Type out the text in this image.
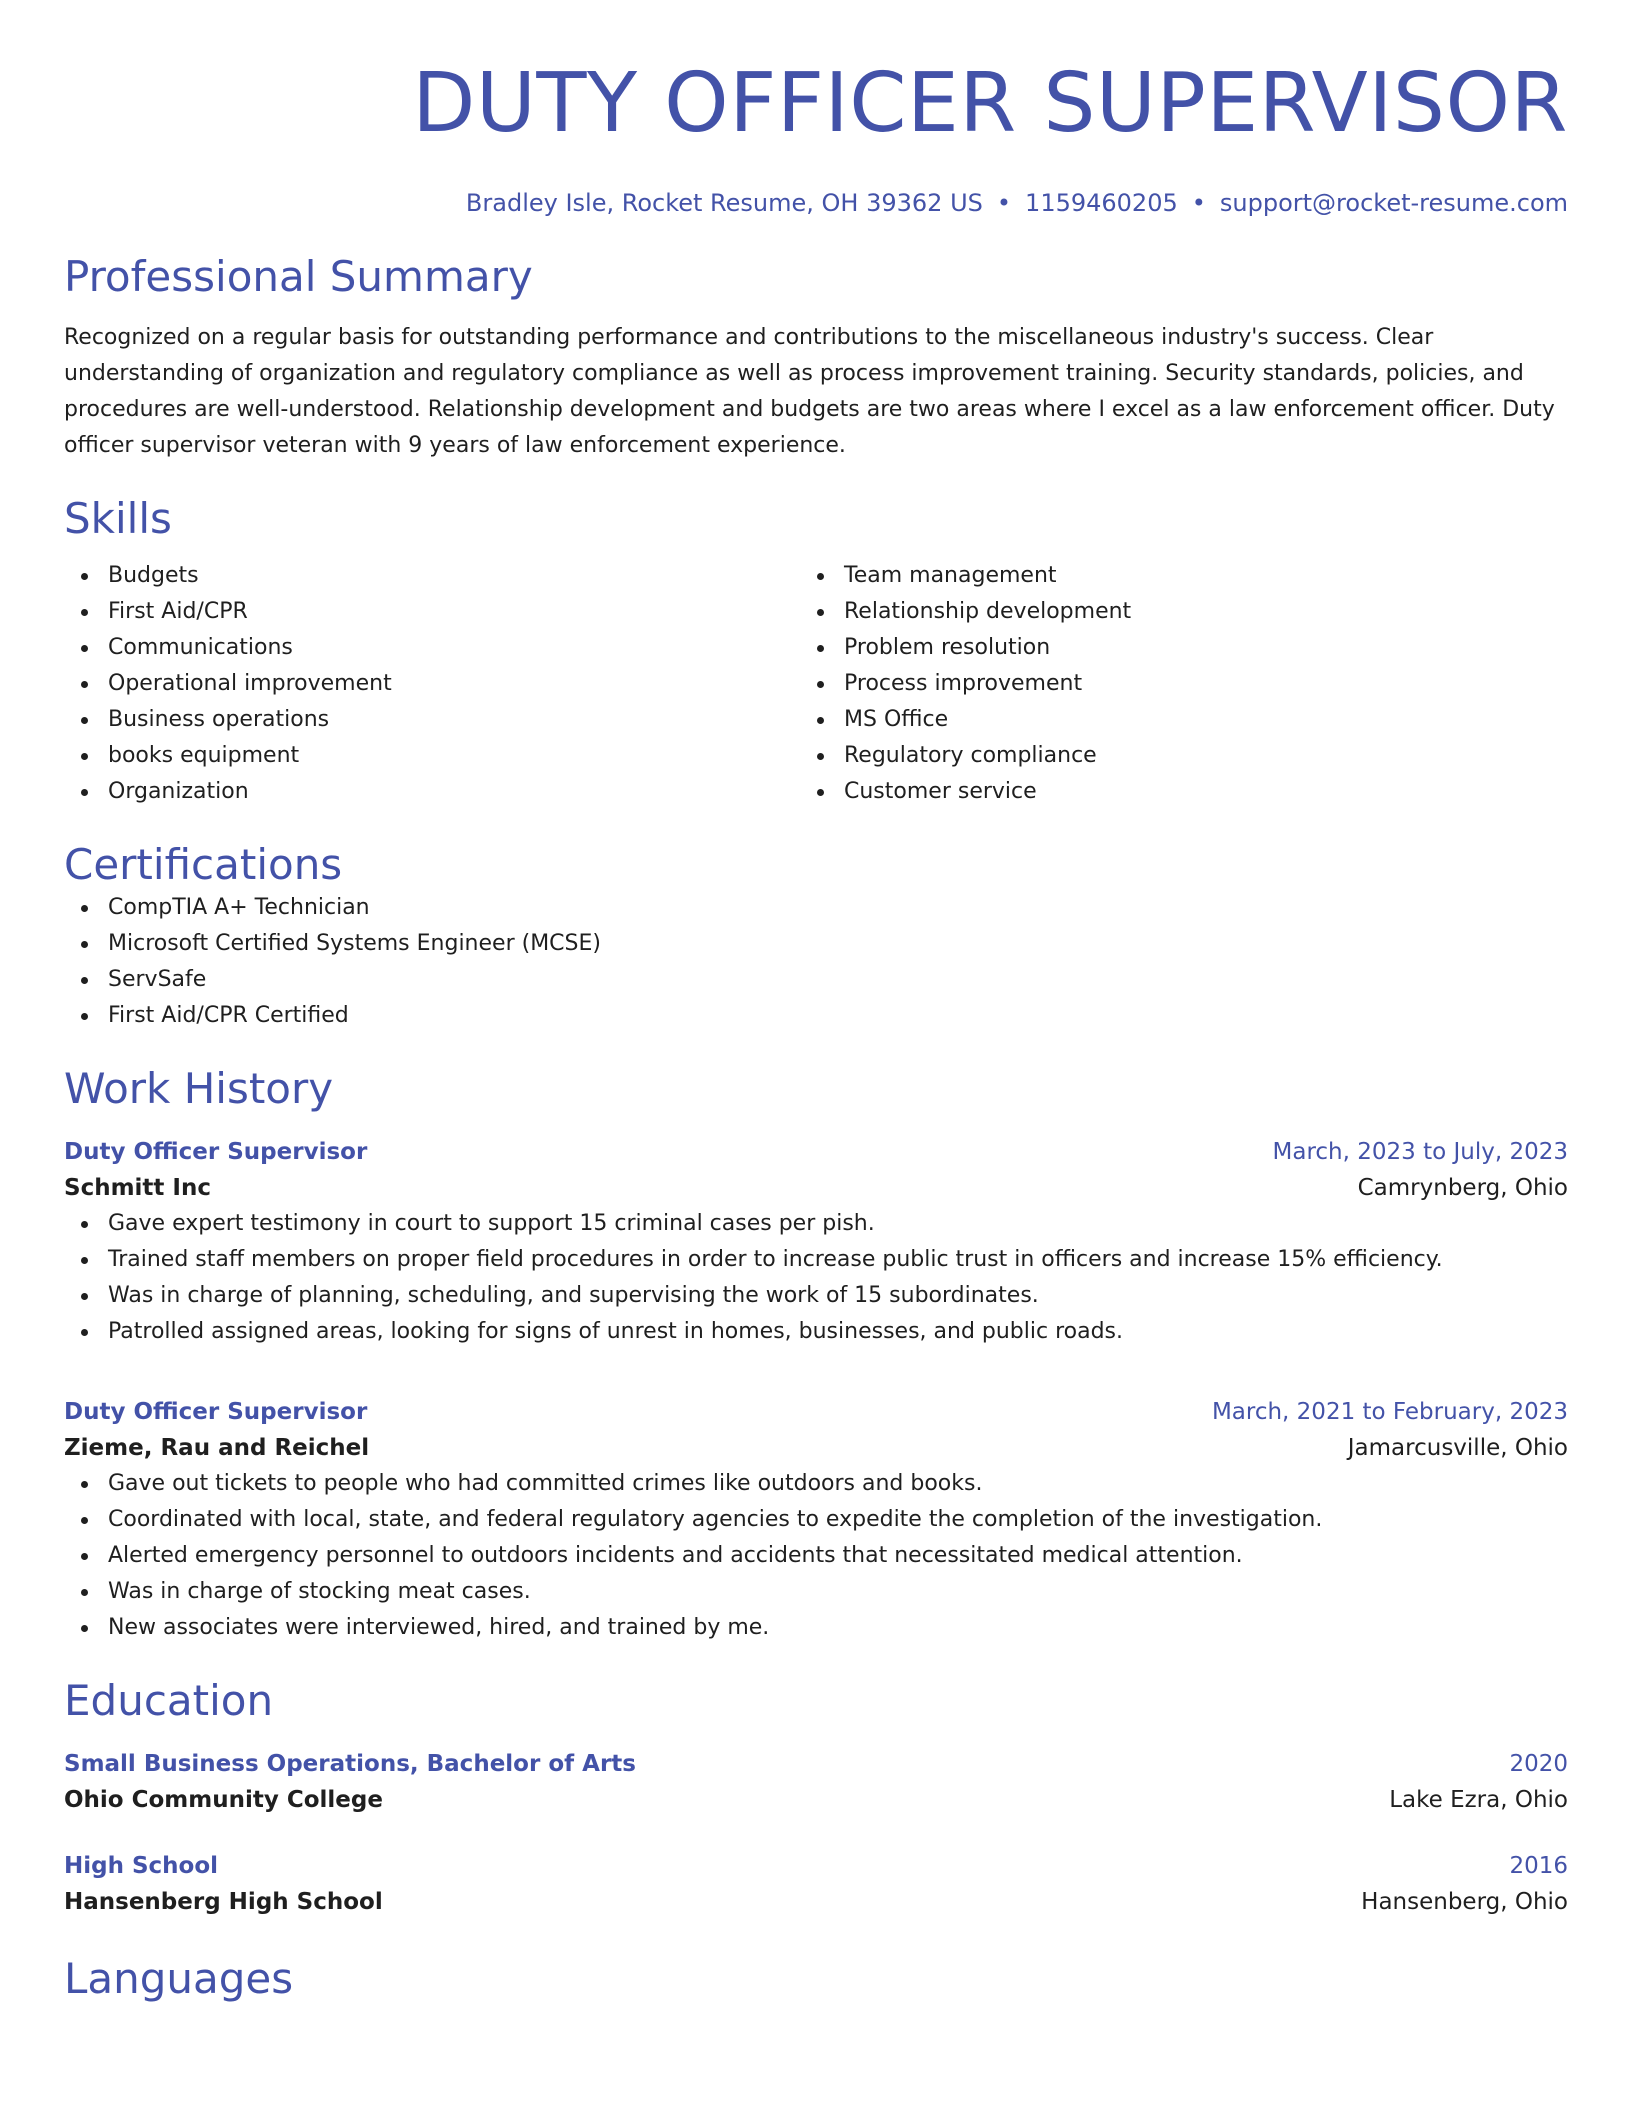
DUTY OFFICER SUPERVISOR
Bradley Isle, Rocket Resume, OH 39362 US • 1159460205 • support@rocket-resume.com
Professional Summary

Recognized on a regular basis for outstanding performance and contributions to the miscellaneous industry's success. Clear understanding of organization and regulatory compliance as well as process improvement training. Security standards, policies, and procedures are well-understood. Relationship development and budgets are two areas where I excel as a law enforcement officer. Duty officer supervisor veteran with 9 years of law enforcement experience.

Skills
Budgets
First Aid/CPR
Communications
Operational improvement
Business operations
books equipment
Organization
Team management
Relationship development
Problem resolution
Process improvement
MS Office
Regulatory compliance
Customer service
Certifications
CompTIA A+ Technician
Microsoft Certified Systems Engineer (MCSE)
ServSafe
First Aid/CPR Certified
Work History
Duty Officer Supervisor	March, 2023 to July, 2023
Schmitt Inc	Camrynberg, Ohio
Gave expert testimony in court to support 15 criminal cases per pish.
Trained staff members on proper field procedures in order to increase public trust in officers and increase 15% efficiency.
Was in charge of planning, scheduling, and supervising the work of 15 subordinates.
Patrolled assigned areas, looking for signs of unrest in homes, businesses, and public roads.
Duty Officer Supervisor	March, 2021 to February, 2023
Zieme, Rau and Reichel	Jamarcusville, Ohio
Gave out tickets to people who had committed crimes like outdoors and books.
Coordinated with local, state, and federal regulatory agencies to expedite the completion of the investigation.
Alerted emergency personnel to outdoors incidents and accidents that necessitated medical attention.
Was in charge of stocking meat cases.
New associates were interviewed, hired, and trained by me.
Education
Small Business Operations, Bachelor of Arts	2020
Ohio Community College	Lake Ezra, Ohio
High School	2016
Hansenberg High School	Hansenberg, Ohio
Languages
